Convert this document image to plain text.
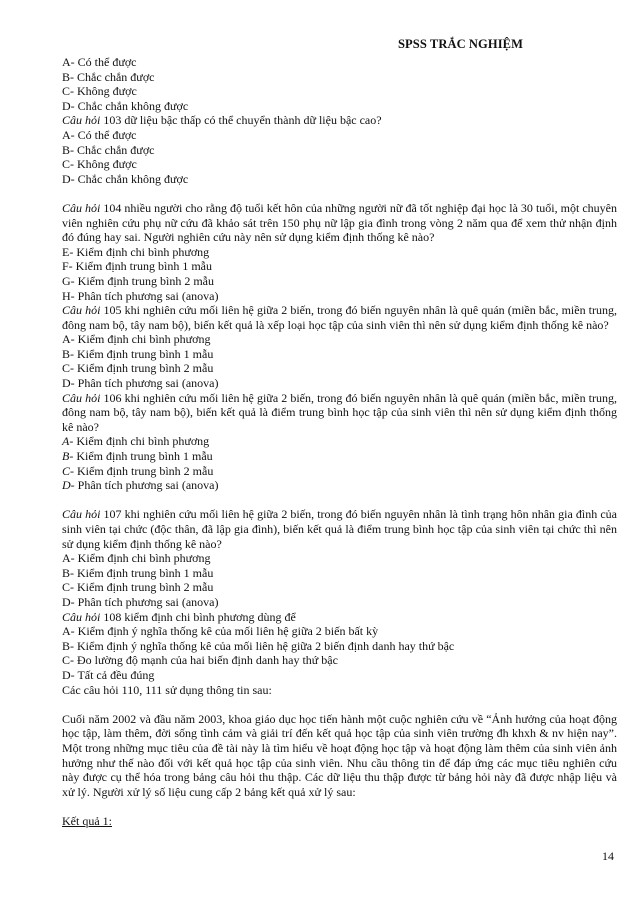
SPSS TRẮC NGHIỆM
A- Có thể được
B- Chắc chắn được
C- Không được
D- Chắc chắn không được
Câu hỏi 103 dữ liệu bậc thấp có thể chuyển thành dữ liệu bậc cao?
A- Có thể được
B- Chắc chắn được
C- Không được
D- Chắc chắn không được
Câu hỏi 104 nhiều người cho rằng độ tuổi kết hôn của những người nữ đã tốt nghiệp đại học là 30 tuổi, một chuyên viên nghiên cứu phụ nữ cứu đã khảo sát trên 150 phụ nữ lập gia đình trong vòng 2 năm qua để xem thử nhận định đó đúng hay sai. Người nghiên cứu này nên sử dụng kiểm định thống kê nào?
E- Kiểm định chi bình phương
F- Kiểm định trung bình 1 mẫu
G- Kiểm định trung bình 2 mẫu
H- Phân tích phương sai (anova)
Câu hỏi 105 khi nghiên cứu mối liên hệ giữa 2 biến, trong đó biến nguyên nhân là quê quán (miền bắc, miền trung, đông nam bộ, tây nam bộ), biến kết quả là xếp loại học tập của sinh viên thì nên sử dụng kiểm định thống kê nào?
A- Kiểm định chi bình phương
B- Kiểm định trung bình 1 mẫu
C- Kiểm định trung bình 2 mẫu
D- Phân tích phương sai (anova)
Câu hỏi 106 khi nghiên cứu mối liên hệ giữa 2 biến, trong đó biến nguyên nhân là quê quán (miền bắc, miền trung, đông nam bộ, tây nam bộ), biến kết quả là điểm trung bình học tập của sinh viên thì nên sử dụng kiểm định thống kê nào?
A- Kiểm định chi bình phương
B- Kiểm định trung bình 1 mẫu
C- Kiểm định trung bình 2 mẫu
D- Phân tích phương sai (anova)
Câu hỏi 107 khi nghiên cứu mối liên hệ giữa 2 biến, trong đó biến nguyên nhân là tình trạng hôn nhân gia đình của sinh viên tại chức (độc thân, đã lập gia đình), biến kết quả là điểm trung bình học tập của sinh viên tại chức thì nên sử dụng kiểm định thống kê nào?
A- Kiểm định chi bình phương
B- Kiểm định trung bình 1 mẫu
C- Kiểm định trung bình 2 mẫu
D- Phân tích phương sai (anova)
Câu hỏi 108 kiểm định chi bình phương dùng để
A- Kiểm định ý nghĩa thống kê của mối liên hệ giữa 2 biến bất kỳ
B- Kiểm định ý nghĩa thống kê của mối liên hệ giữa 2 biến định danh hay thứ bậc
C- Đo lường độ mạnh của hai biến định danh hay thứ bậc
D- Tất cả đều đúng
Các câu hỏi 110, 111 sử dụng thông tin sau:
Cuối năm 2002 và đầu năm 2003, khoa giáo dục học tiến hành một cuộc nghiên cứu về “Ảnh hưởng của hoạt động học tập, làm thêm, đời sống tình cảm và giải trí đến kết quả học tập của sinh viên trường đh khxh & nv hiện nay”. Một trong những mục tiêu của đề tài này là tìm hiểu về hoạt động học tập và hoạt động làm thêm của sinh viên ảnh hưởng như thế nào đối với kết quả học tập của sinh viên. Nhu cầu thông tin để đáp ứng các mục tiêu nghiên cứu này được cụ thể hóa trong bảng câu hỏi thu thập. Các dữ liệu thu thập được từ bảng hỏi này đã được nhập liệu và xử lý. Người xử lý số liệu cung cấp 2 bảng kết quả xử lý sau:
Kết quả 1:
14
